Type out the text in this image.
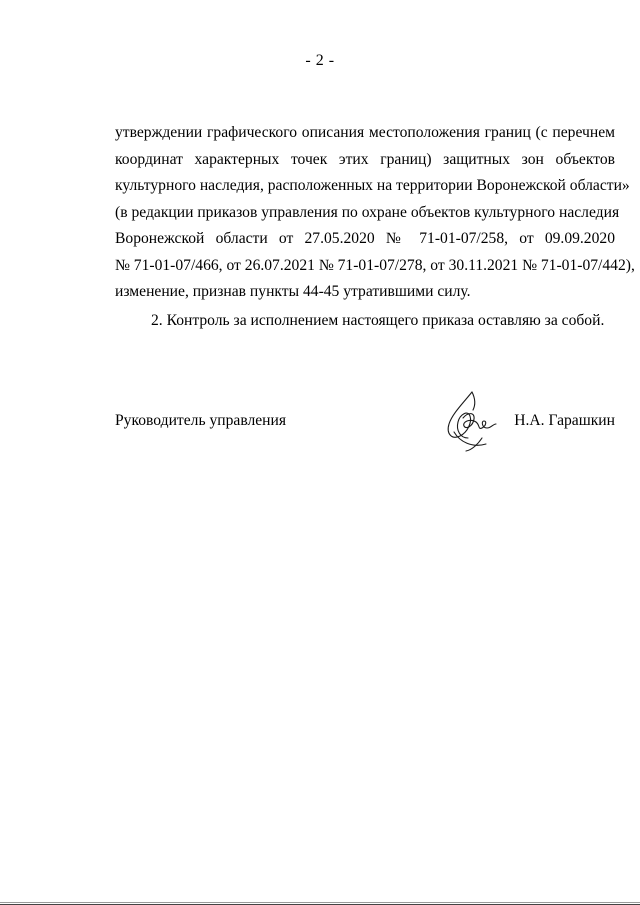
- 2 -
утверждении графического описания местоположения границ (с перечнем
координат характерных точек этих границ) защитных зон объектов
культурного наследия, расположенных на территории Воронежской области»
(в редакции приказов управления по охране объектов культурного наследия
Воронежской области от 27.05.2020 № 71-01-07/258, от 09.09.2020
№ 71-01-07/466, от 26.07.2021 № 71-01-07/278, от 30.11.2021 № 71-01-07/442),
изменение, признав пункты 44-45 утратившими силу.
2. Контроль за исполнением настоящего приказа оставляю за собой.
Руководитель управления	Н.А. Гарашкин
